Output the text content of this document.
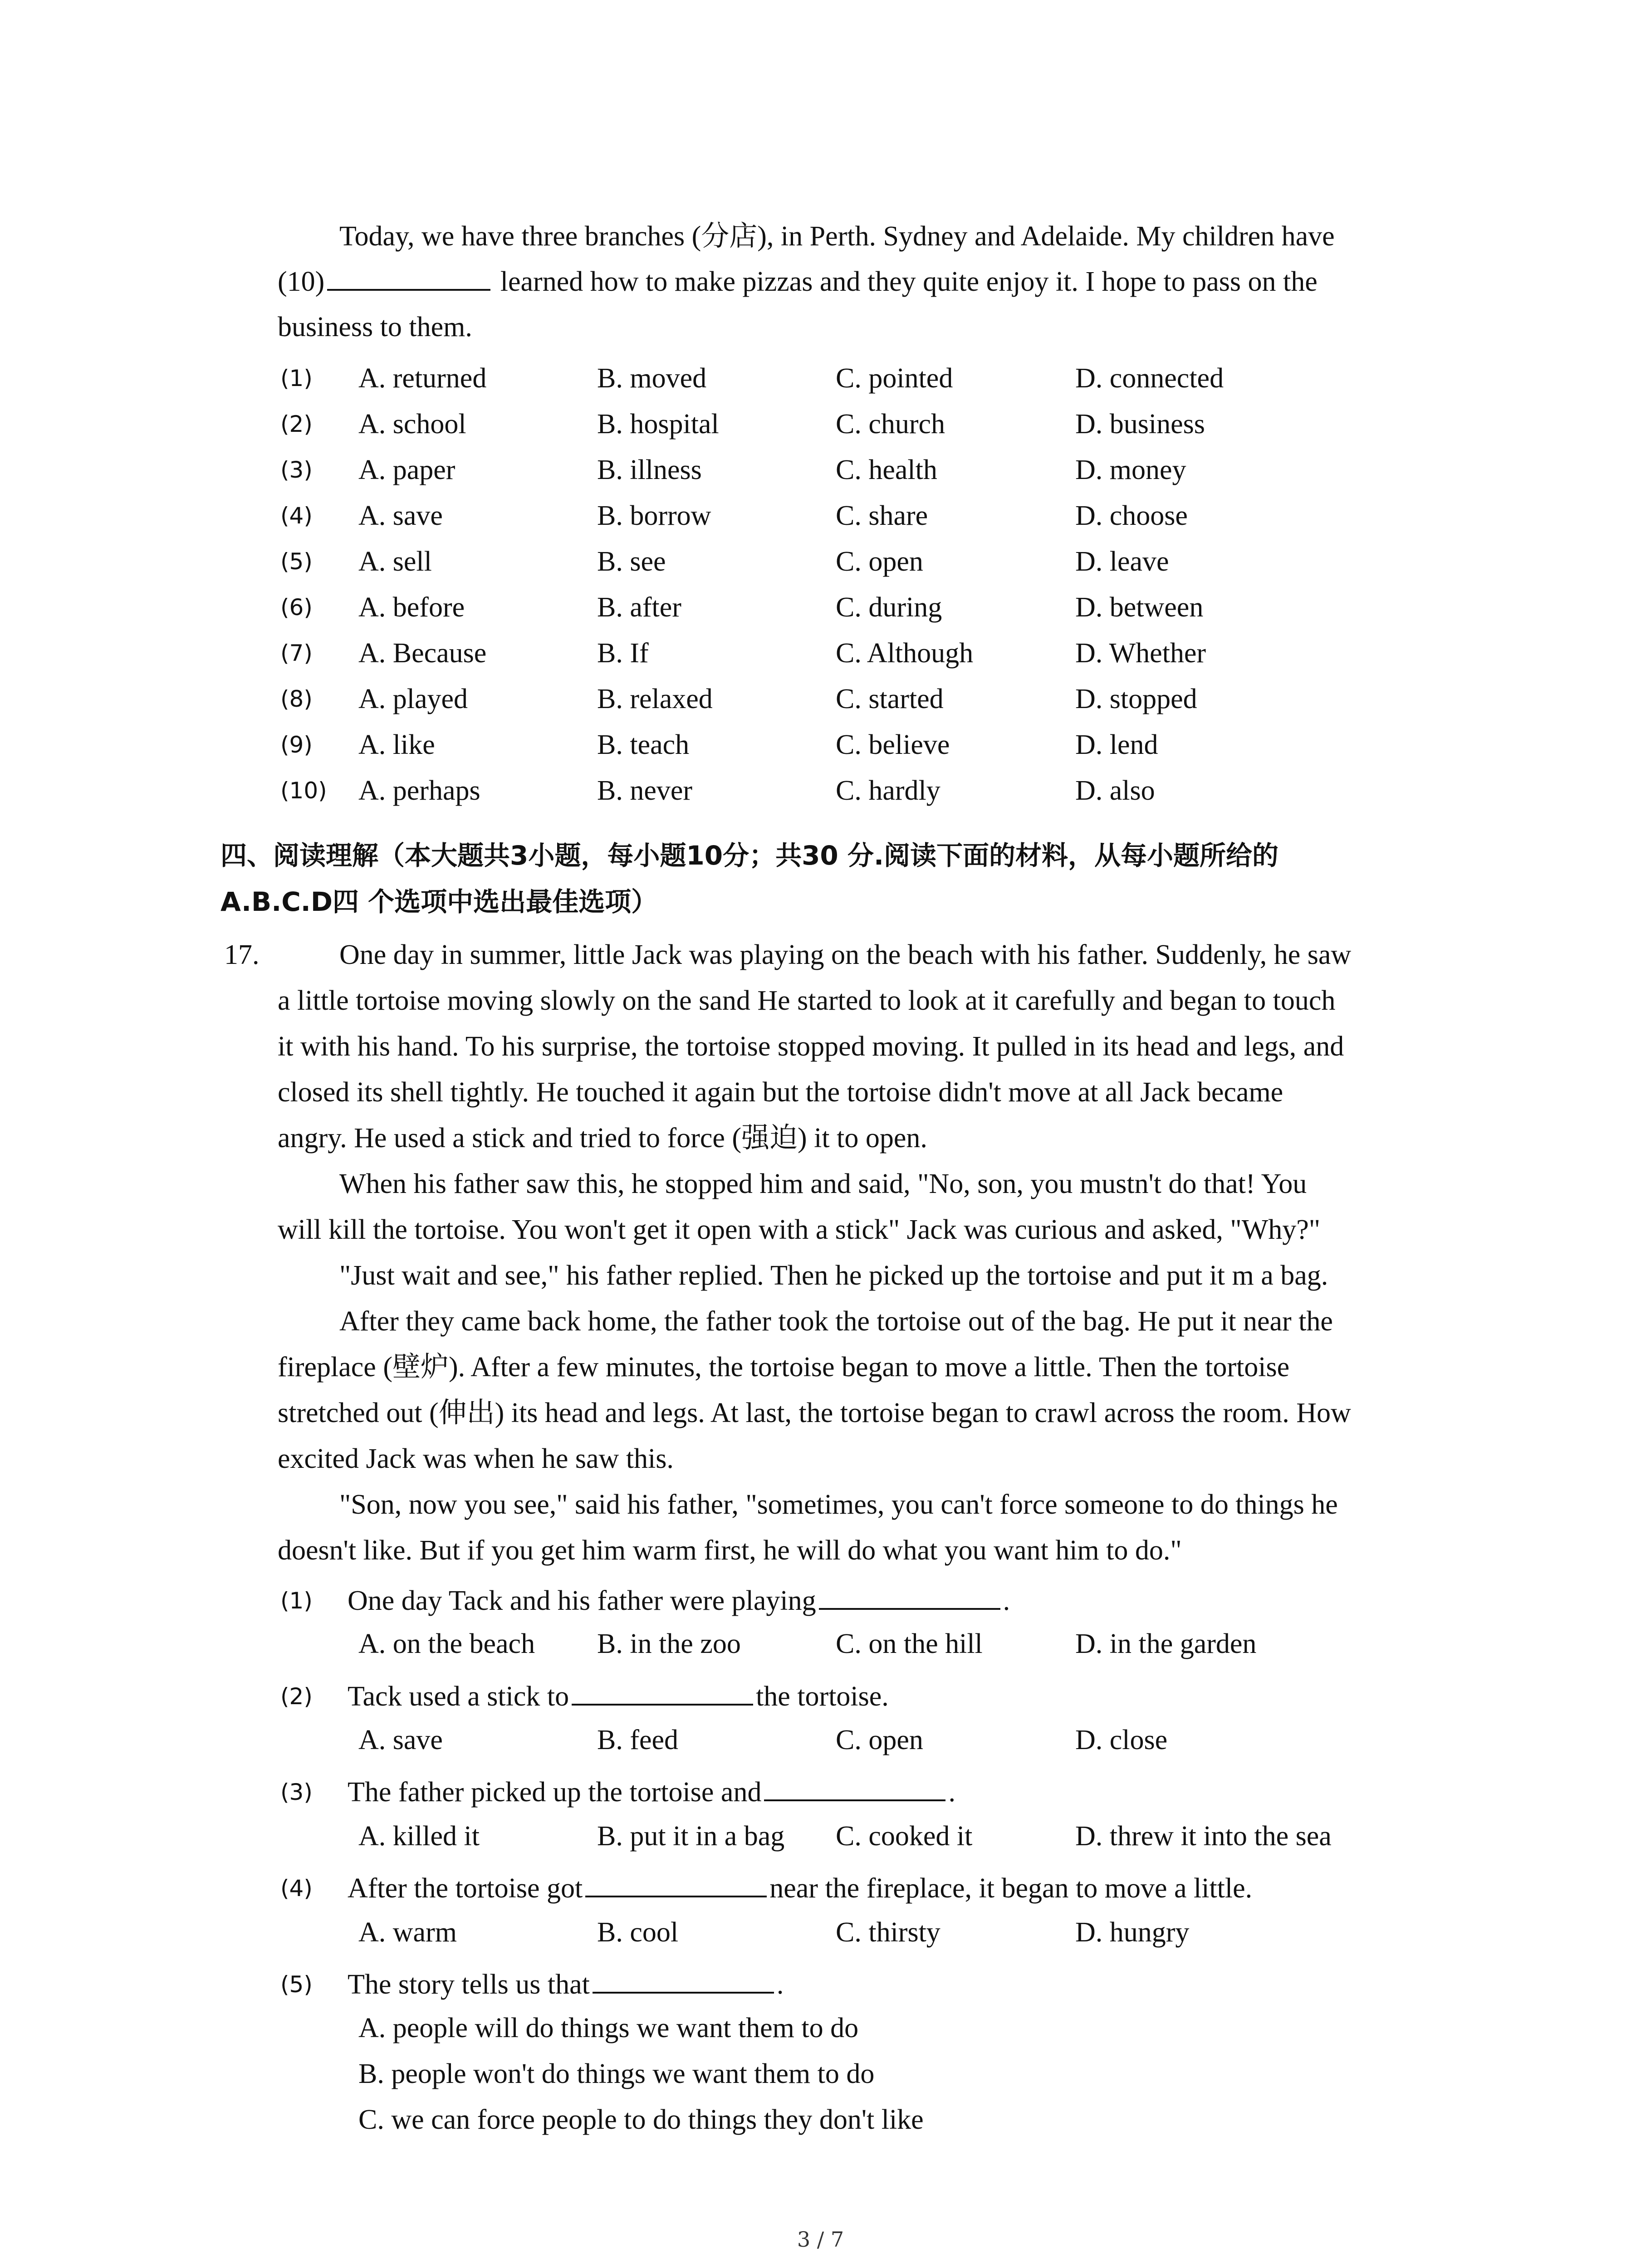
Today, we have three branches (分店), in Perth. Sydney and Adelaide. My children have
(10)	learned how to make pizzas and they quite enjoy it. I hope to pass on the
business to them.
(1) A. returned	B. moved	C. pointed	D. connected
(2) A. school	B. hospital	C. church	D. business
(3) A. paper	B. illness	C. health	D. money
(4) A. save	B. borrow	C. share	D. choose
(5) A. sell	B. see	C. open	D. leave
(6) A. before	B. after	C. during	D. between
(7) A. Because	B. If	C. Although	D. Whether
(8) A. played	B. relaxed	C. started	D. stopped
(9) A. like	B. teach	C. believe	D. lend
(10) A. perhaps	B. never	C. hardly	D. also
四、阅读理解（本大题共3小题，每小题10分；共30 分.阅读下面的材料，从每小题所给的
A.B.C.D四 个选项中选出最佳选项）
17.	One day in summer, little Jack was playing on the beach with his father. Suddenly, he saw
a little tortoise moving slowly on the sand He started to look at it carefully and began to touch
it with his hand. To his surprise, the tortoise stopped moving. It pulled in its head and legs, and
closed its shell tightly. He touched it again but the tortoise didn't move at all Jack became
angry. He used a stick and tried to force (强迫) it to open.
When his father saw this, he stopped him and said, "No, son, you mustn't do that! You
will kill the tortoise. You won't get it open with a stick" Jack was curious and asked, "Why?"
"Just wait and see," his father replied. Then he picked up the tortoise and put it m a bag.
After they came back home, the father took the tortoise out of the bag. He put it near the
fireplace (壁炉). After a few minutes, the tortoise began to move a little. Then the tortoise
stretched out (伸出) its head and legs. At last, the tortoise began to crawl across the room. How
excited Jack was when he saw this.
"Son, now you see," said his father, "sometimes, you can't force someone to do things he
doesn't like. But if you get him warm first, he will do what you want him to do."
(1) One day Tack and his father were playing	.
A. on the beach B. in the zoo	C. on the hill	D. in the garden
(2) Tack used a stick to	the tortoise.
A. save	B. feed	C. open	D. close
(3) The father picked up the tortoise and	.
A. killed it	B. put it in a bag C. cooked it	D. threw it into the sea
(4) After the tortoise got	near the fireplace, it began to move a little.
A. warm	B. cool	C. thirsty	D. hungry
(5) The story tells us that	.
A. people will do things we want them to do
B. people won't do things we want them to do
C. we can force people to do things they don't like
3 / 7
